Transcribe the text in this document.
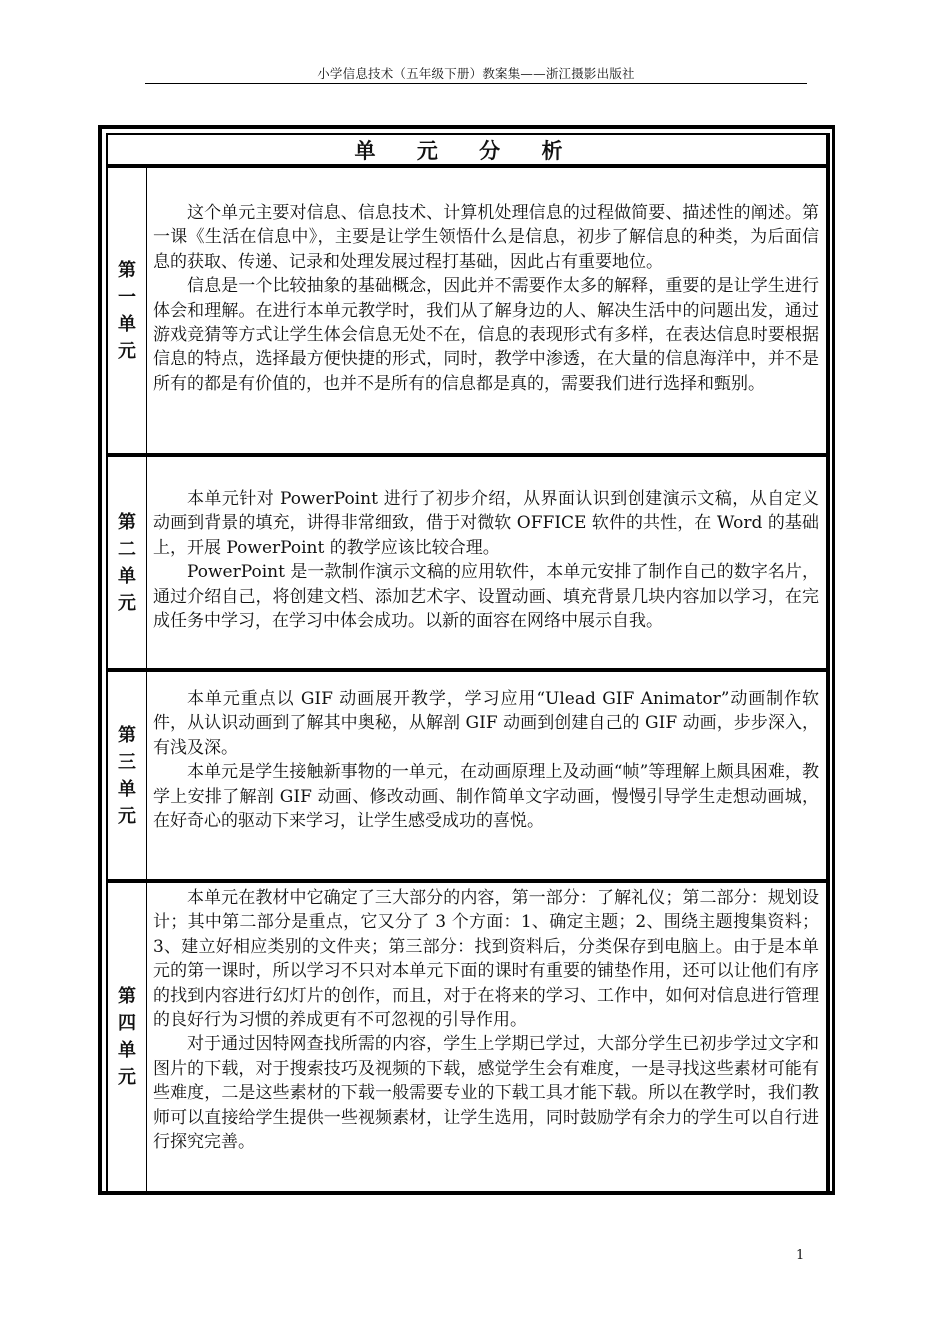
小学信息技术（五年级下册）教案集——浙江摄影出版社
单 元 分 析
第一单元

这个单元主要对信息、信息技术、计算机处理信息的过程做简要、描述性的阐述。第一课《生活在信息中》，主要是让学生领悟什么是信息，初步了解信息的种类，为后面信息的获取、传递、记录和处理发展过程打基础，因此占有重要地位。

信息是一个比较抽象的基础概念，因此并不需要作太多的解释，重要的是让学生进行体会和理解。在进行本单元教学时，我们从了解身边的人、解决生活中的问题出发，通过游戏竞猜等方式让学生体会信息无处不在，信息的表现形式有多样，在表达信息时要根据信息的特点，选择最方便快捷的形式，同时，教学中渗透，在大量的信息海洋中，并不是所有的都是有价值的，也并不是所有的信息都是真的，需要我们进行选择和甄别。

第二单元

本单元针对 PowerPoint 进行了初步介绍，从界面认识到创建演示文稿，从自定义动画到背景的填充，讲得非常细致，借于对微软 OFFICE 软件的共性，在 Word 的基础上，开展 PowerPoint 的教学应该比较合理。

PowerPoint 是一款制作演示文稿的应用软件，本单元安排了制作自己的数字名片，通过介绍自己，将创建文档、添加艺术字、设置动画、填充背景几块内容加以学习，在完成任务中学习，在学习中体会成功。以新的面容在网络中展示自我。

第三单元

本单元重点以 GIF 动画展开教学，学习应用“Ulead GIF Animator”动画制作软件，从认识动画到了解其中奥秘，从解剖 GIF 动画到创建自己的 GIF 动画，步步深入，有浅及深。

本单元是学生接触新事物的一单元，在动画原理上及动画“帧”等理解上颇具困难，教学上安排了解剖 GIF 动画、修改动画、制作简单文字动画，慢慢引导学生走想动画城，在好奇心的驱动下来学习，让学生感受成功的喜悦。

第四单元

本单元在教材中它确定了三大部分的内容，第一部分：了解礼仪；第二部分：规划设计；其中第二部分是重点，它又分了 3 个方面：1、确定主题；2、围绕主题搜集资料；3、建立好相应类别的文件夹；第三部分：找到资料后，分类保存到电脑上。由于是本单元的第一课时，所以学习不只对本单元下面的课时有重要的铺垫作用，还可以让他们有序的找到内容进行幻灯片的创作，而且，对于在将来的学习、工作中，如何对信息进行管理的良好行为习惯的养成更有不可忽视的引导作用。

对于通过因特网查找所需的内容，学生上学期已学过，大部分学生已初步学过文字和图片的下载，对于搜索技巧及视频的下载，感觉学生会有难度，一是寻找这些素材可能有些难度，二是这些素材的下载一般需要专业的下载工具才能下载。所以在教学时，我们教师可以直接给学生提供一些视频素材，让学生选用，同时鼓励学有余力的学生可以自行进行探究完善。

1
